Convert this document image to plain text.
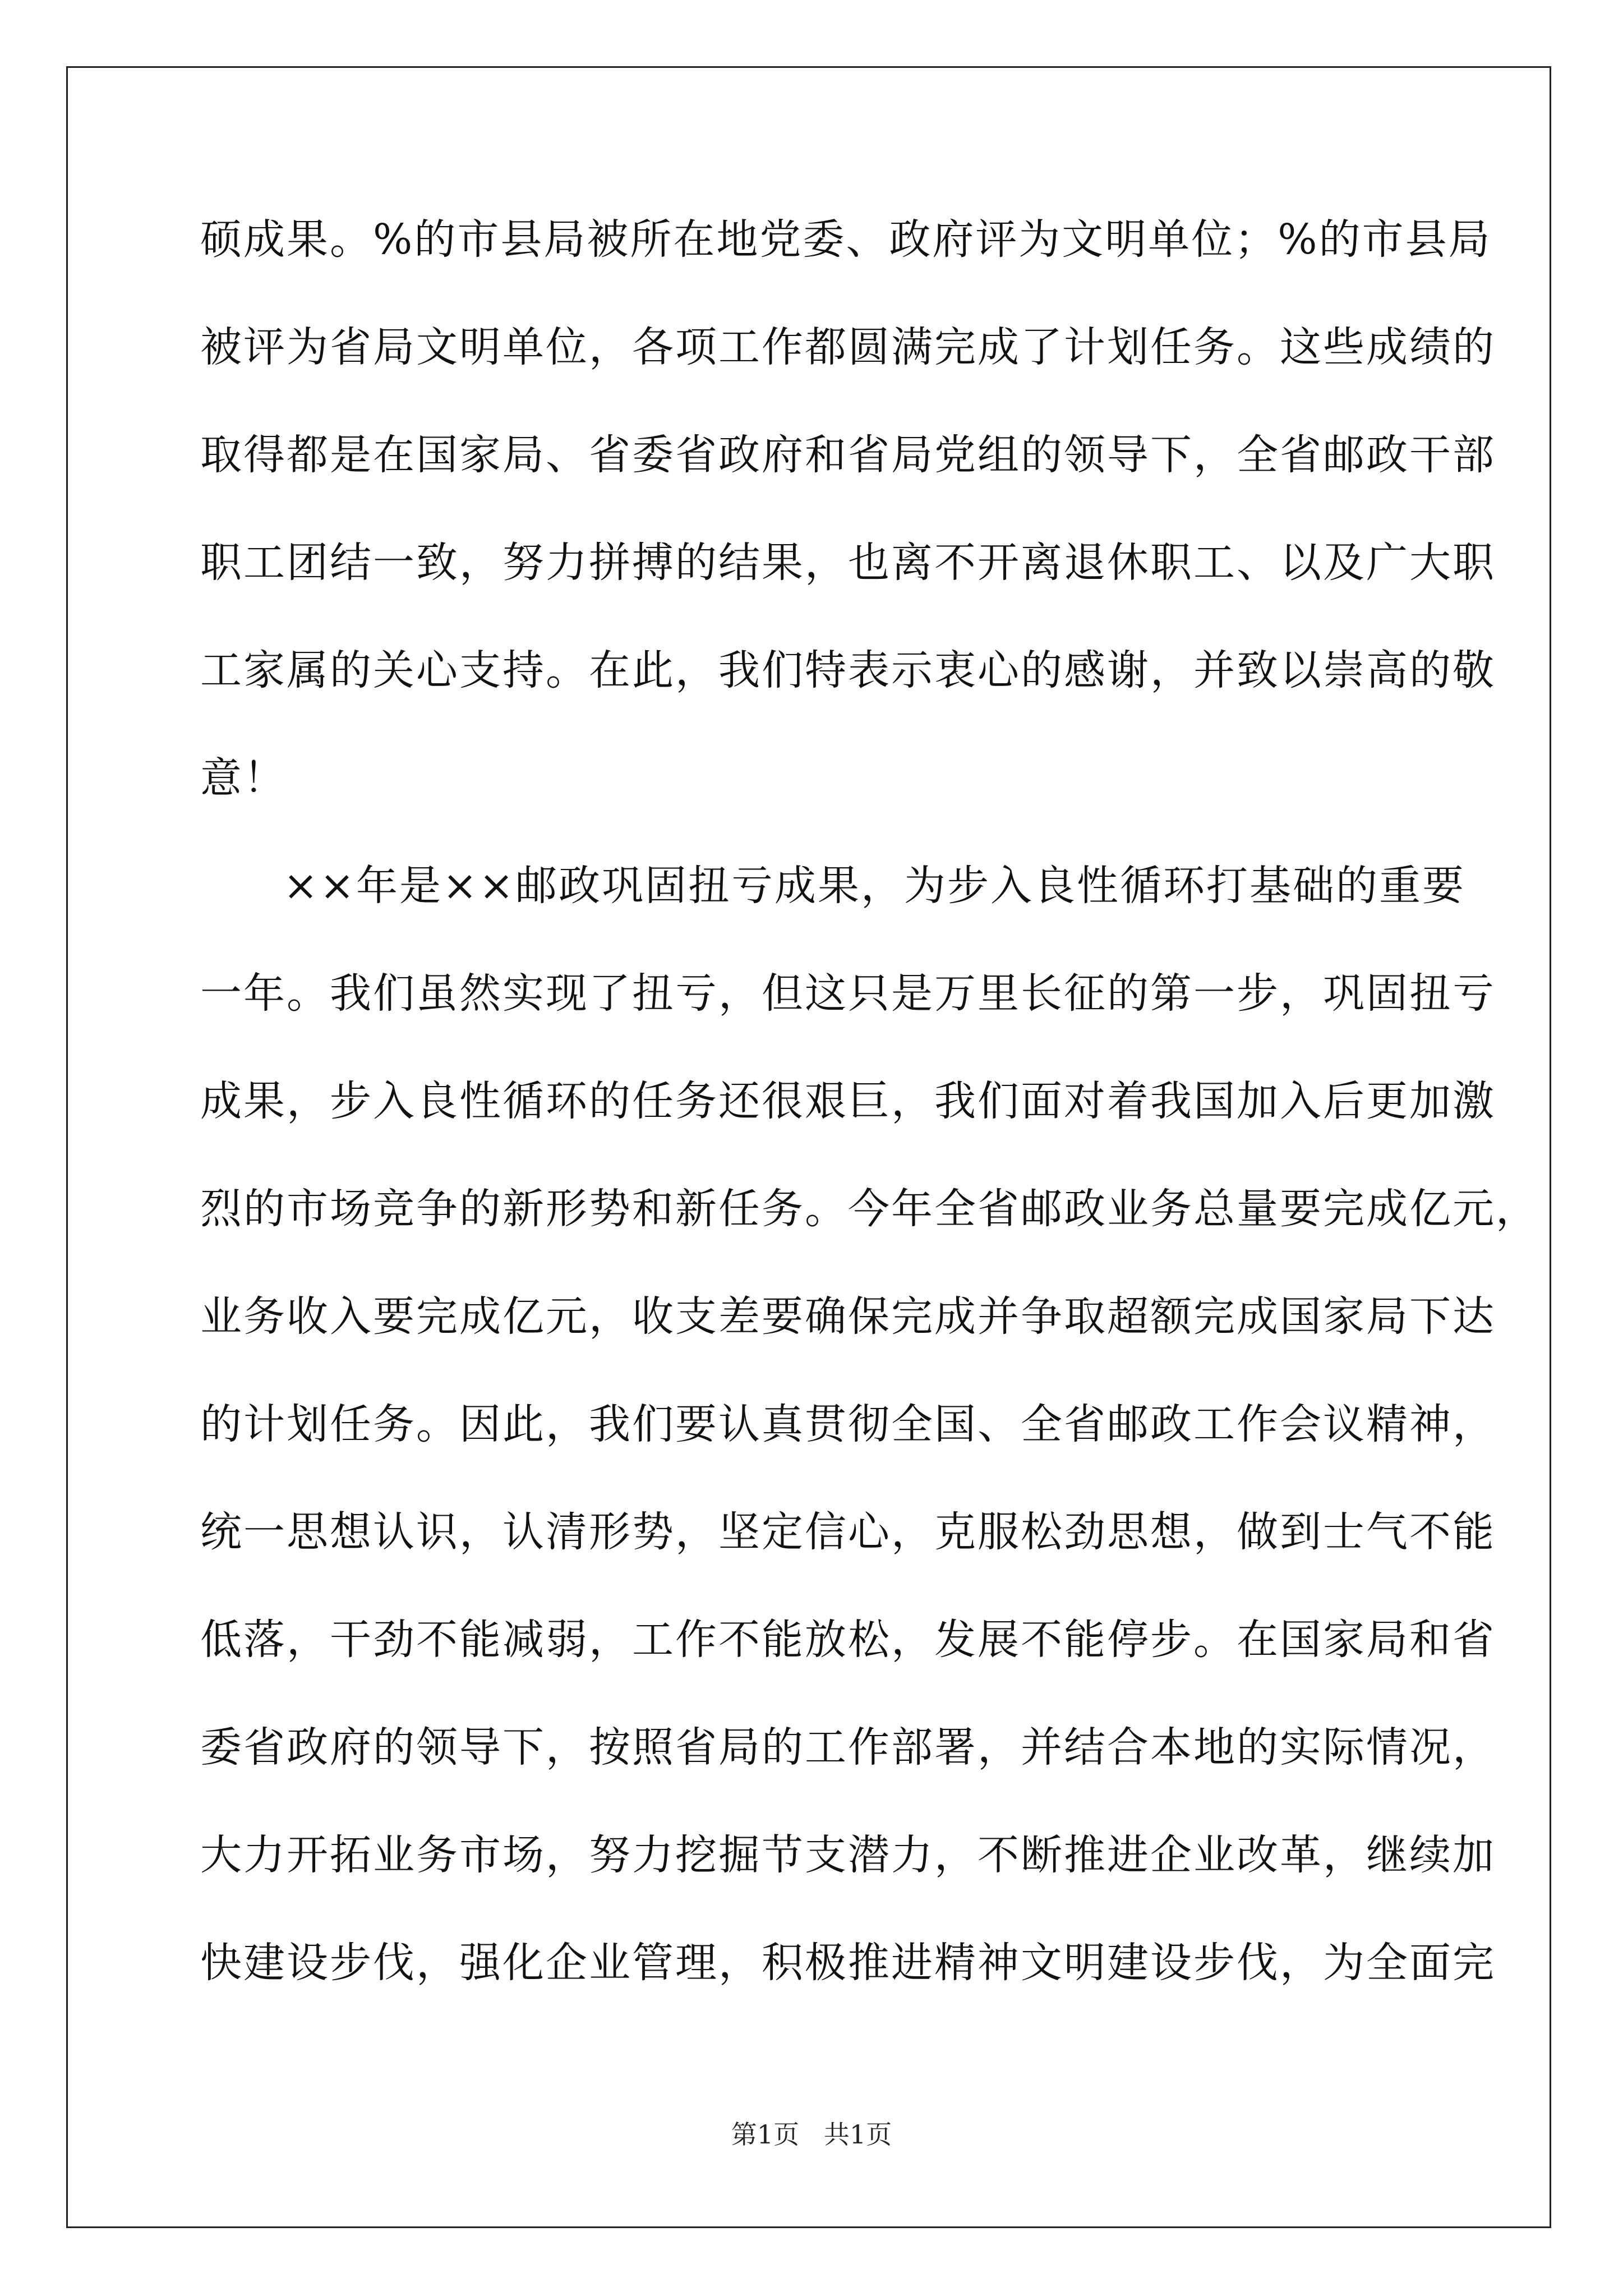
硕成果。%的市县局被所在地党委、政府评为文明单位；%的市县局
被评为省局文明单位，各项工作都圆满完成了计划任务。这些成绩的
取得都是在国家局、省委省政府和省局党组的领导下，全省邮政干部
职工团结一致，努力拼搏的结果，也离不开离退休职工、以及广大职
工家属的关心支持。在此，我们特表示衷心的感谢，并致以崇高的敬
意！
××年是××邮政巩固扭亏成果，为步入良性循环打基础的重要
一年。我们虽然实现了扭亏，但这只是万里长征的第一步，巩固扭亏
成果，步入良性循环的任务还很艰巨，我们面对着我国加入后更加激
烈的市场竞争的新形势和新任务。今年全省邮政业务总量要完成亿元，
业务收入要完成亿元，收支差要确保完成并争取超额完成国家局下达
的计划任务。因此，我们要认真贯彻全国、全省邮政工作会议精神，
统一思想认识，认清形势，坚定信心，克服松劲思想，做到士气不能
低落，干劲不能减弱，工作不能放松，发展不能停步。在国家局和省
委省政府的领导下，按照省局的工作部署，并结合本地的实际情况，
大力开拓业务市场，努力挖掘节支潜力，不断推进企业改革，继续加
快建设步伐，强化企业管理，积极推进精神文明建设步伐，为全面完
第1页   共1页
